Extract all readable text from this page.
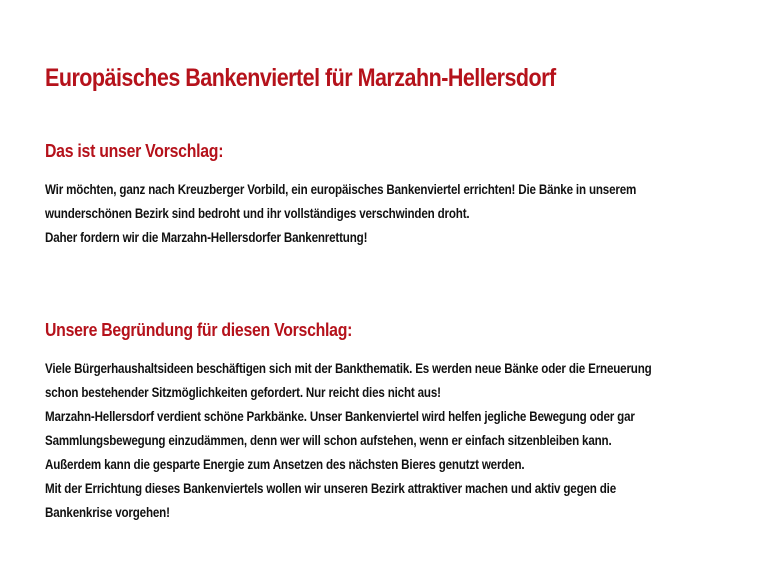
Europäisches Bankenviertel für Marzahn-Hellersdorf
Das ist unser Vorschlag:

Wir möchten, ganz nach Kreuzberger Vorbild, ein europäisches Bankenviertel errichten! Die Bänke in unserem
wunderschönen Bezirk sind bedroht und ihr vollständiges verschwinden droht.
Daher fordern wir die Marzahn-Hellersdorfer Bankenrettung!

Unsere Begründung für diesen Vorschlag:

Viele Bürgerhaushaltsideen beschäftigen sich mit der Bankthematik. Es werden neue Bänke oder die Erneuerung
schon bestehender Sitzmöglichkeiten gefordert. Nur reicht dies nicht aus!
Marzahn-Hellersdorf verdient schöne Parkbänke. Unser Bankenviertel wird helfen jegliche Bewegung oder gar
Sammlungsbewegung einzudämmen, denn wer will schon aufstehen, wenn er einfach sitzenbleiben kann.
Außerdem kann die gesparte Energie zum Ansetzen des nächsten Bieres genutzt werden.
Mit der Errichtung dieses Bankenviertels wollen wir unseren Bezirk attraktiver machen und aktiv gegen die
Bankenkrise vorgehen!
